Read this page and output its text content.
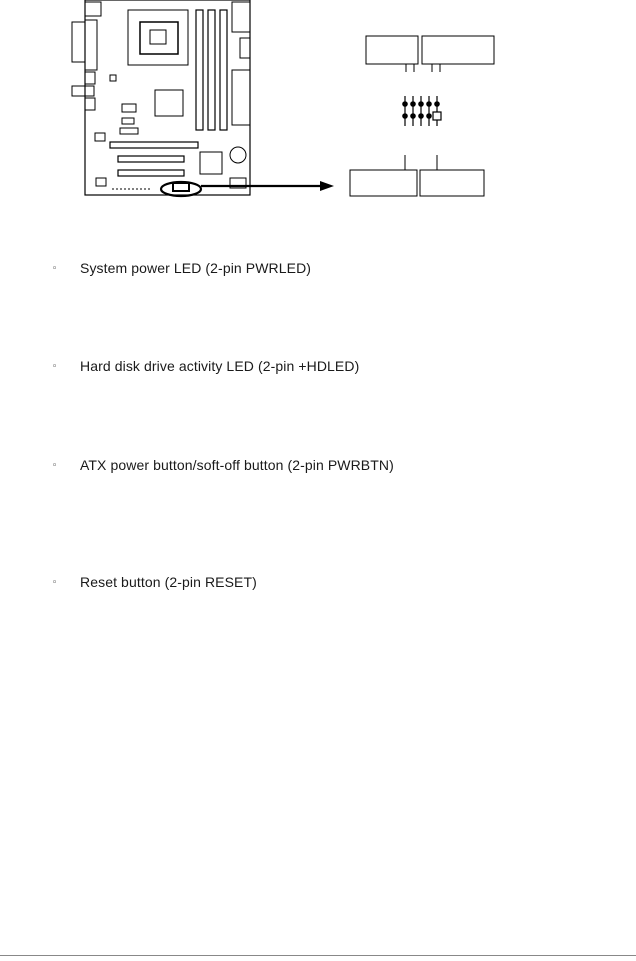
◦ System power LED (2-pin PWRLED)
◦ Hard disk drive activity LED (2-pin +HDLED)
◦ ATX power button/soft-off button (2-pin PWRBTN)
◦ Reset button (2-pin RESET)
